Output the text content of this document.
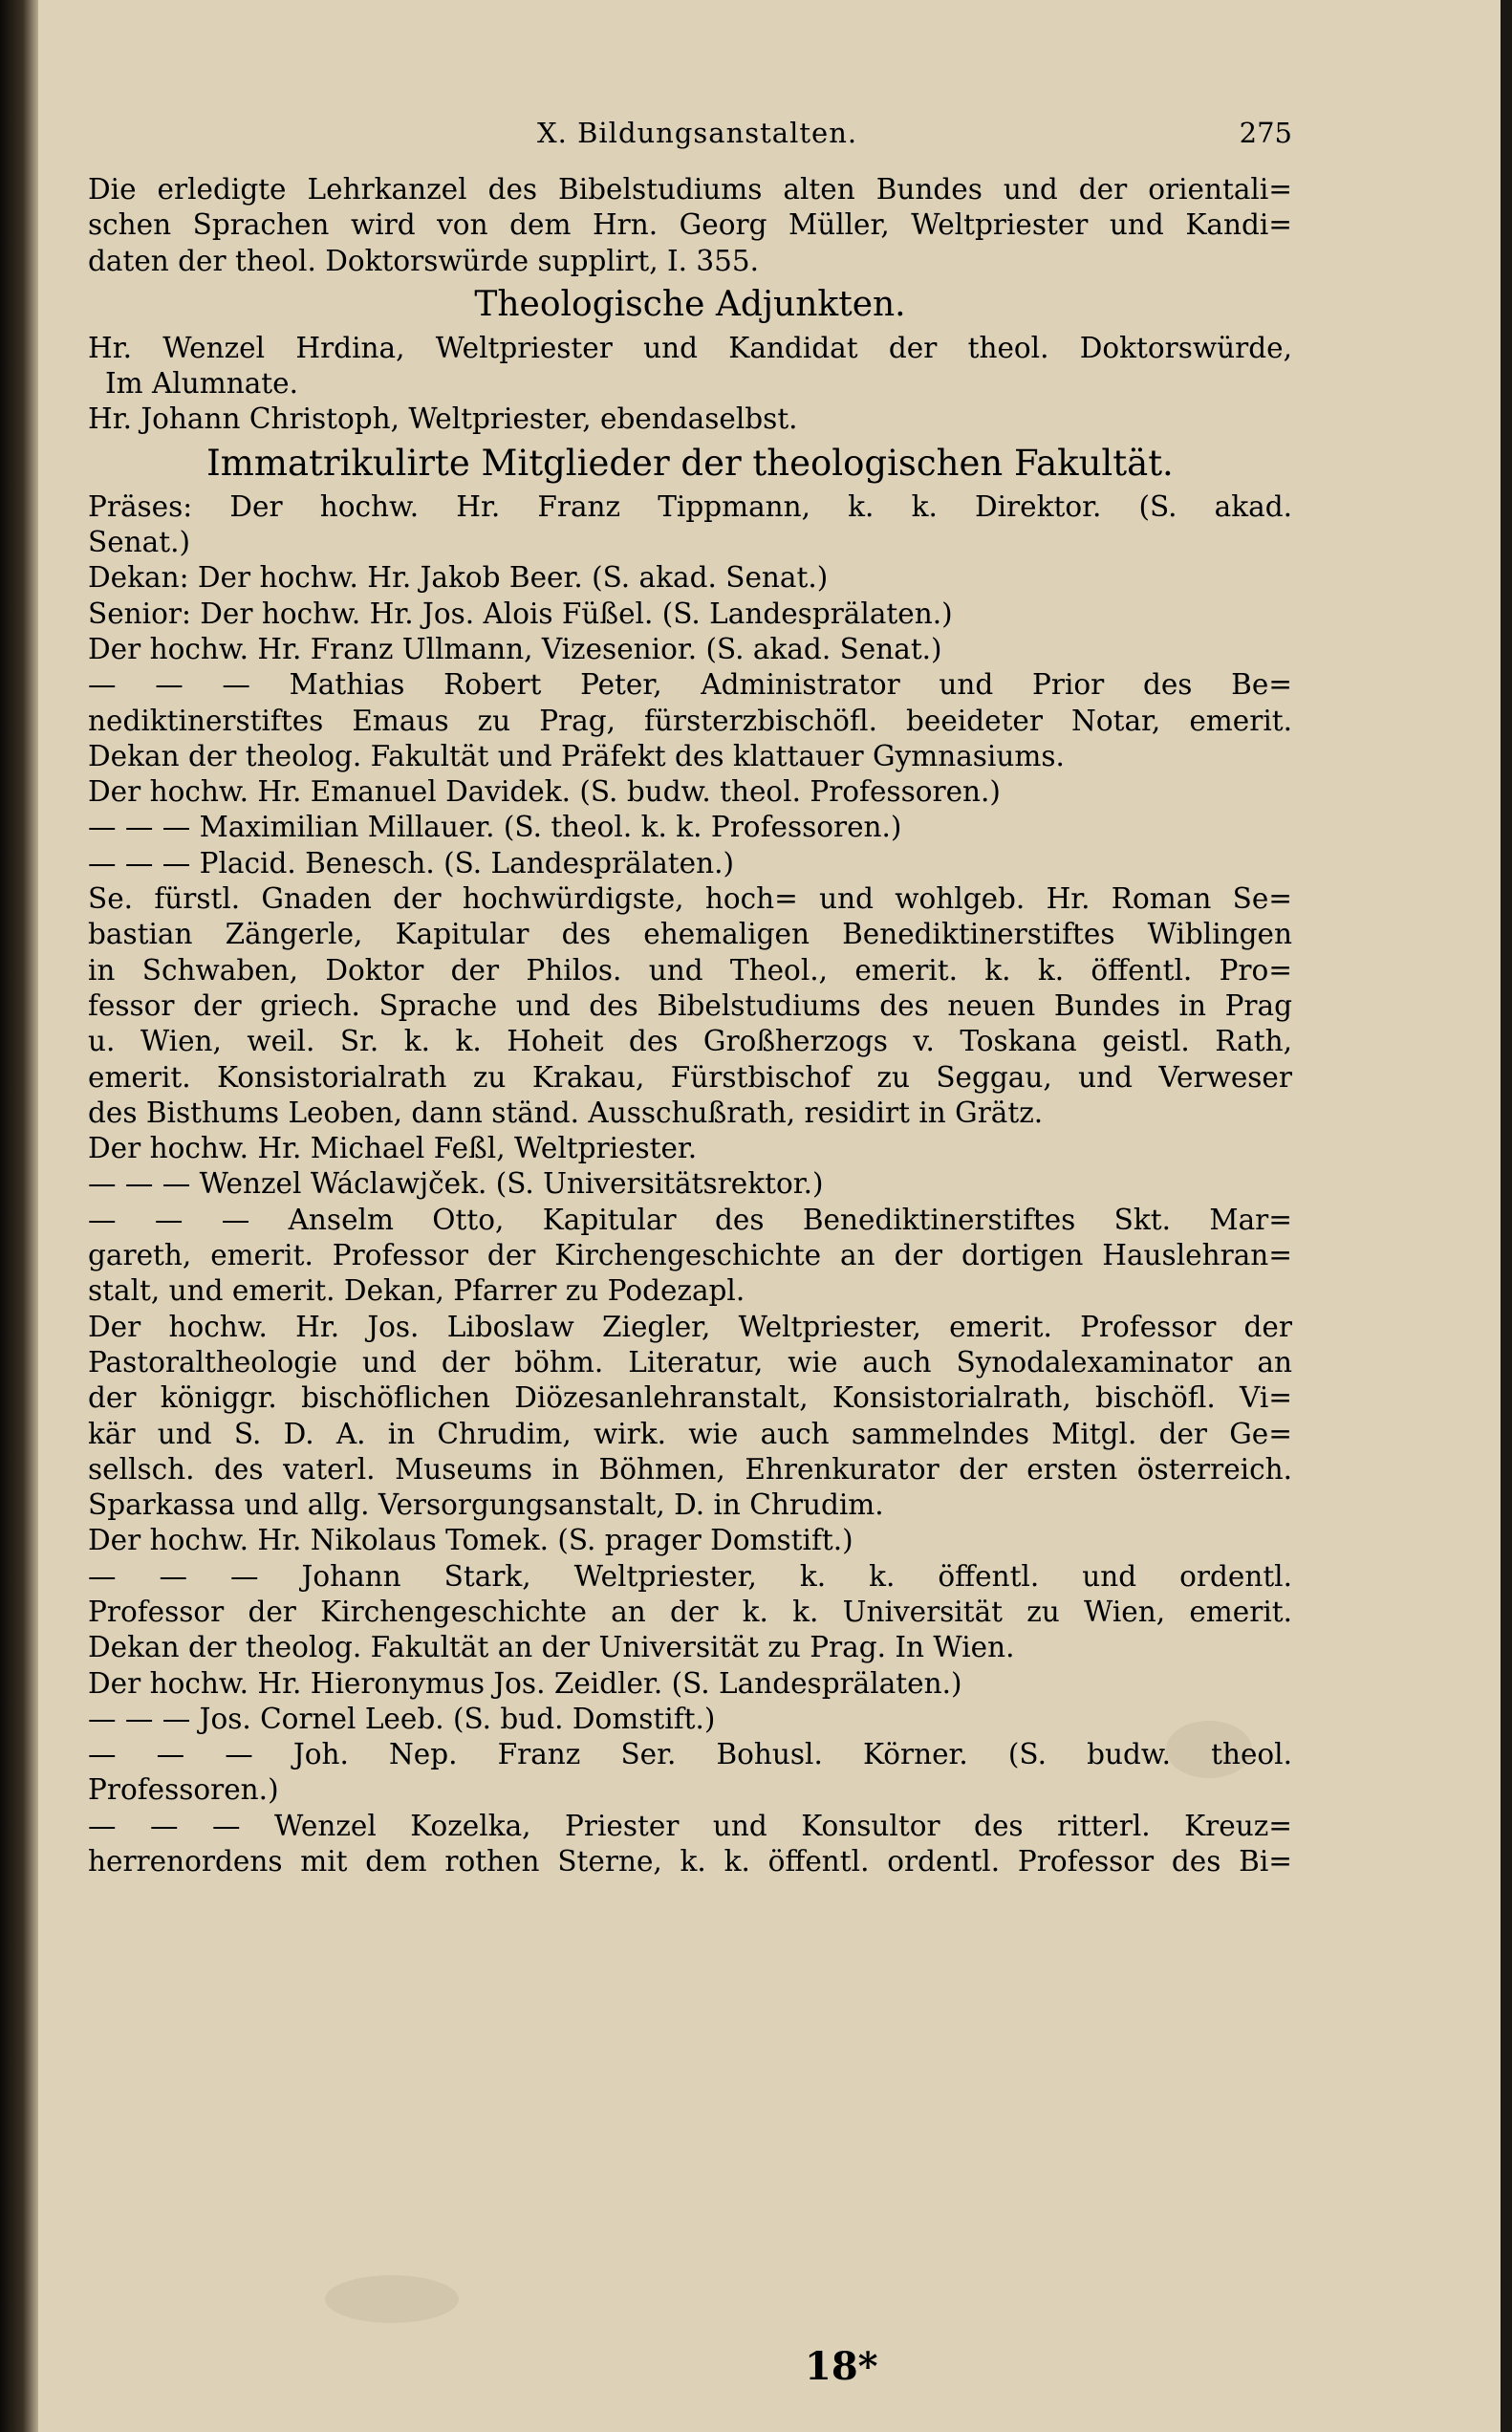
X. Bildungsanstalten.	275
Die erledigte Lehrkanzel des Bibelstudiums alten Bundes und der orientali=
schen Sprachen wird von dem Hrn. Georg Müller, Weltpriester und Kandi=
daten der theol. Doktorswürde supplirt, I. 355.
Theologische Adjunkten.
Hr. Wenzel Hrdina, Weltpriester und Kandidat der theol. Doktorswürde,
Im Alumnate.
Hr. Johann Christoph, Weltpriester, ebendaselbst.
Immatrikulirte Mitglieder der theologischen Fakultät.
Präses: Der hochw. Hr. Franz Tippmann, k. k. Direktor. (S. akad.
Senat.)
Dekan: Der hochw. Hr. Jakob Beer. (S. akad. Senat.)
Senior: Der hochw. Hr. Jos. Alois Füßel. (S. Landesprälaten.)
Der hochw. Hr. Franz Ullmann, Vizesenior. (S. akad. Senat.)
— — — Mathias Robert Peter, Administrator und Prior des Be=
nediktinerstiftes Emaus zu Prag, fürsterzbischöfl. beeideter Notar, emerit.
Dekan der theolog. Fakultät und Präfekt des klattauer Gymnasiums.
Der hochw. Hr. Emanuel Davidek. (S. budw. theol. Professoren.)
— — — Maximilian Millauer. (S. theol. k. k. Professoren.)
— — — Placid. Benesch. (S. Landesprälaten.)
Se. fürstl. Gnaden der hochwürdigste, hoch= und wohlgeb. Hr. Roman Se=
bastian Zängerle, Kapitular des ehemaligen Benediktinerstiftes Wiblingen
in Schwaben, Doktor der Philos. und Theol., emerit. k. k. öffentl. Pro=
fessor der griech. Sprache und des Bibelstudiums des neuen Bundes in Prag
u. Wien, weil. Sr. k. k. Hoheit des Großherzogs v. Toskana geistl. Rath,
emerit. Konsistorialrath zu Krakau, Fürstbischof zu Seggau, und Verweser
des Bisthums Leoben, dann ständ. Ausschußrath, residirt in Grätz.
Der hochw. Hr. Michael Feßl, Weltpriester.
— — — Wenzel Wáclawjček. (S. Universitätsrektor.)
— — — Anselm Otto, Kapitular des Benediktinerstiftes Skt. Mar=
gareth, emerit. Professor der Kirchengeschichte an der dortigen Hauslehran=
stalt, und emerit. Dekan, Pfarrer zu Podezapl.
Der hochw. Hr. Jos. Liboslaw Ziegler, Weltpriester, emerit. Professor der
Pastoraltheologie und der böhm. Literatur, wie auch Synodalexaminator an
der königgr. bischöflichen Diözesanlehranstalt, Konsistorialrath, bischöfl. Vi=
kär und S. D. A. in Chrudim, wirk. wie auch sammelndes Mitgl. der Ge=
sellsch. des vaterl. Museums in Böhmen, Ehrenkurator der ersten österreich.
Sparkassa und allg. Versorgungsanstalt, D. in Chrudim.
Der hochw. Hr. Nikolaus Tomek. (S. prager Domstift.)
— — — Johann Stark, Weltpriester, k. k. öffentl. und ordentl.
Professor der Kirchengeschichte an der k. k. Universität zu Wien, emerit.
Dekan der theolog. Fakultät an der Universität zu Prag. In Wien.
Der hochw. Hr. Hieronymus Jos. Zeidler. (S. Landesprälaten.)
— — — Jos. Cornel Leeb. (S. bud. Domstift.)
— — — Joh. Nep. Franz Ser. Bohusl. Körner. (S. budw. theol.
Professoren.)
— — — Wenzel Kozelka, Priester und Konsultor des ritterl. Kreuz=
herrenordens mit dem rothen Sterne, k. k. öffentl. ordentl. Professor des Bi=
18*
